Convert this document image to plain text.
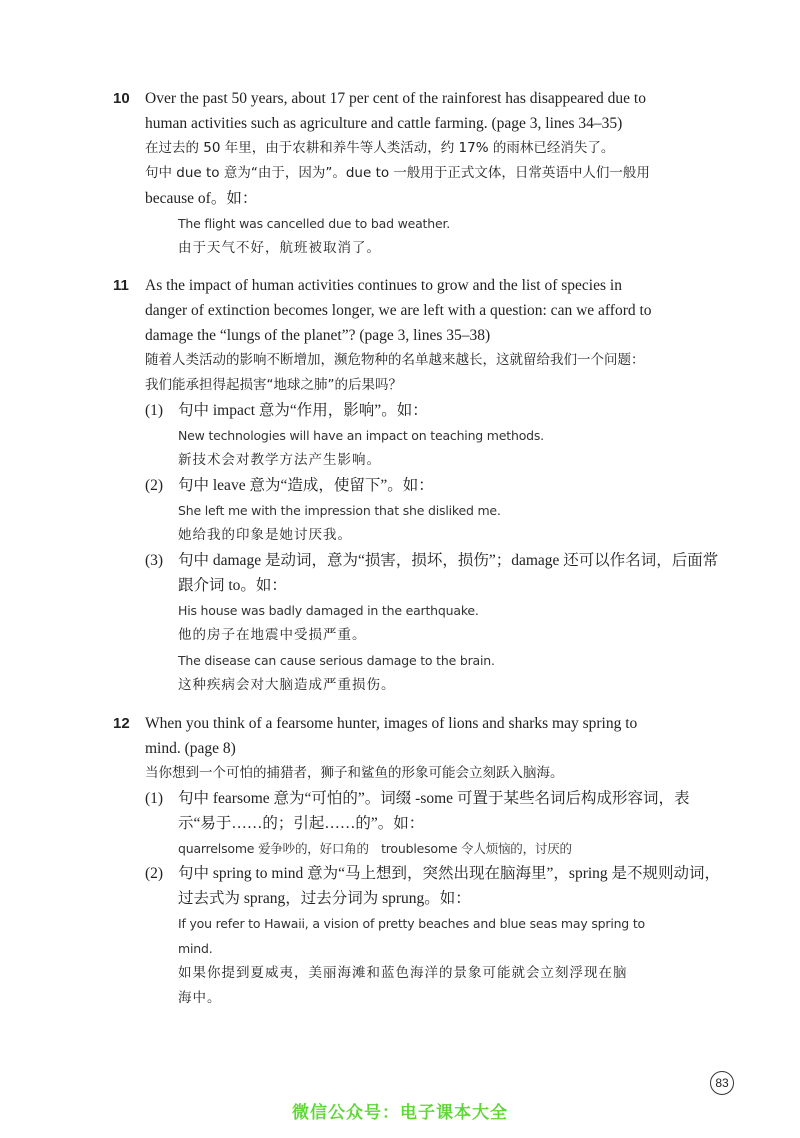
10 Over the past 50 years, about 17 per cent of the rainforest has disappeared due to
human activities such as agriculture and cattle farming. (page 3, lines 34–35)
在过去的 50 年里，由于农耕和养牛等人类活动，约 17% 的雨林已经消失了。
句中 due to 意为“由于，因为”。due to 一般用于正式文体，日常英语中人们一般用
because of。如：
The flight was cancelled due to bad weather.
由于天气不好，航班被取消了。
11 As the impact of human activities continues to grow and the list of species in
danger of extinction becomes longer, we are left with a question: can we afford to
damage the “lungs of the planet”? (page 3, lines 35–38)
随着人类活动的影响不断增加，濒危物种的名单越来越长，这就留给我们一个问题：
我们能承担得起损害“地球之肺”的后果吗？
(1) 句中 impact 意为“作用，影响”。如：
New technologies will have an impact on teaching methods.
新技术会对教学方法产生影响。
(2) 句中 leave 意为“造成，使留下”。如：
She left me with the impression that she disliked me.
她给我的印象是她讨厌我。
(3) 句中 damage 是动词，意为“损害，损坏，损伤”；damage 还可以作名词，后面常
跟介词 to。如：
His house was badly damaged in the earthquake.
他的房子在地震中受损严重。
The disease can cause serious damage to the brain.
这种疾病会对大脑造成严重损伤。
12 When you think of a fearsome hunter, images of lions and sharks may spring to
mind. (page 8)
当你想到一个可怕的捕猎者，狮子和鲨鱼的形象可能会立刻跃入脑海。
(1) 句中 fearsome 意为“可怕的”。词缀 -some 可置于某些名词后构成形容词，表
示“易于……的；引起……的”。如：
quarrelsome 爱争吵的，好口角的　troublesome 令人烦恼的，讨厌的
(2) 句中 spring to mind 意为“马上想到，突然出现在脑海里”，spring 是不规则动词，
过去式为 sprang，过去分词为 sprung。如：
If you refer to Hawaii, a vision of pretty beaches and blue seas may spring to
mind.
如果你提到夏威夷，美丽海滩和蓝色海洋的景象可能就会立刻浮现在脑
海中。
83
微信公众号：电子课本大全
